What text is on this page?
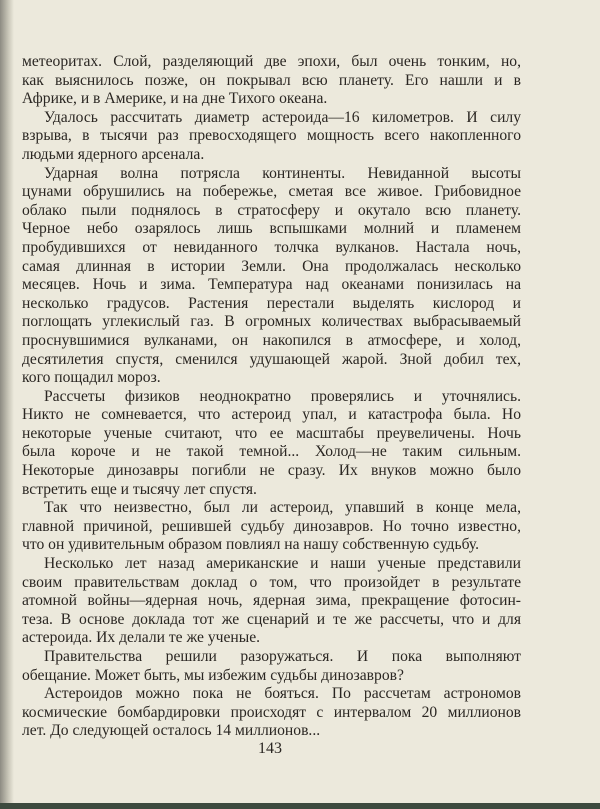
метеоритах. Слой, разделяющий две эпохи, был очень тонким, но,
как выяснилось позже, он покрывал всю планету. Его нашли и в
Африке, и в Америке, и на дне Тихого океана.
Удалось рассчитать диаметр астероида—16 километров. И силу
взрыва, в тысячи раз превосходящего мощность всего накопленного
людьми ядерного арсенала.
Ударная волна потрясла континенты. Невиданной высоты
цунами обрушились на побережье, сметая все живое. Грибовидное
облако пыли поднялось в стратосферу и окутало всю планету.
Черное небо озарялось лишь вспышками молний и пламенем
пробудившихся от невиданного толчка вулканов. Настала ночь,
самая длинная в истории Земли. Она продолжалась несколько
месяцев. Ночь и зима. Температура над океанами понизилась на
несколько градусов. Растения перестали выделять кислород и
поглощать углекислый газ. В огромных количествах выбрасываемый
проснувшимися вулканами, он накопился в атмосфере, и холод,
десятилетия спустя, сменился удушающей жарой. Зной добил тех,
кого пощадил мороз.
Рассчеты физиков неоднократно проверялись и уточнялись.
Никто не сомневается, что астероид упал, и катастрофа была. Но
некоторые ученые считают, что ее масштабы преувеличены. Ночь
была короче и не такой темной... Холод—не таким сильным.
Некоторые динозавры погибли не сразу. Их внуков можно было
встретить еще и тысячу лет спустя.
Так что неизвестно, был ли астероид, упавший в конце мела,
главной причиной, решившей судьбу динозавров. Но точно известно,
что он удивительным образом повлиял на нашу собственную судьбу.
Несколько лет назад американские и наши ученые представили
своим правительствам доклад о том, что произойдет в результате
атомной войны—ядерная ночь, ядерная зима, прекращение фотосин-
теза. В основе доклада тот же сценарий и те же рассчеты, что и для
астероида. Их делали те же ученые.
Правительства решили разоружаться. И пока выполняют
обещание. Может быть, мы избежим судьбы динозавров?
Астероидов можно пока не бояться. По рассчетам астрономов
космические бомбардировки происходят с интервалом 20 миллионов
лет. До следующей осталось 14 миллионов...
143
